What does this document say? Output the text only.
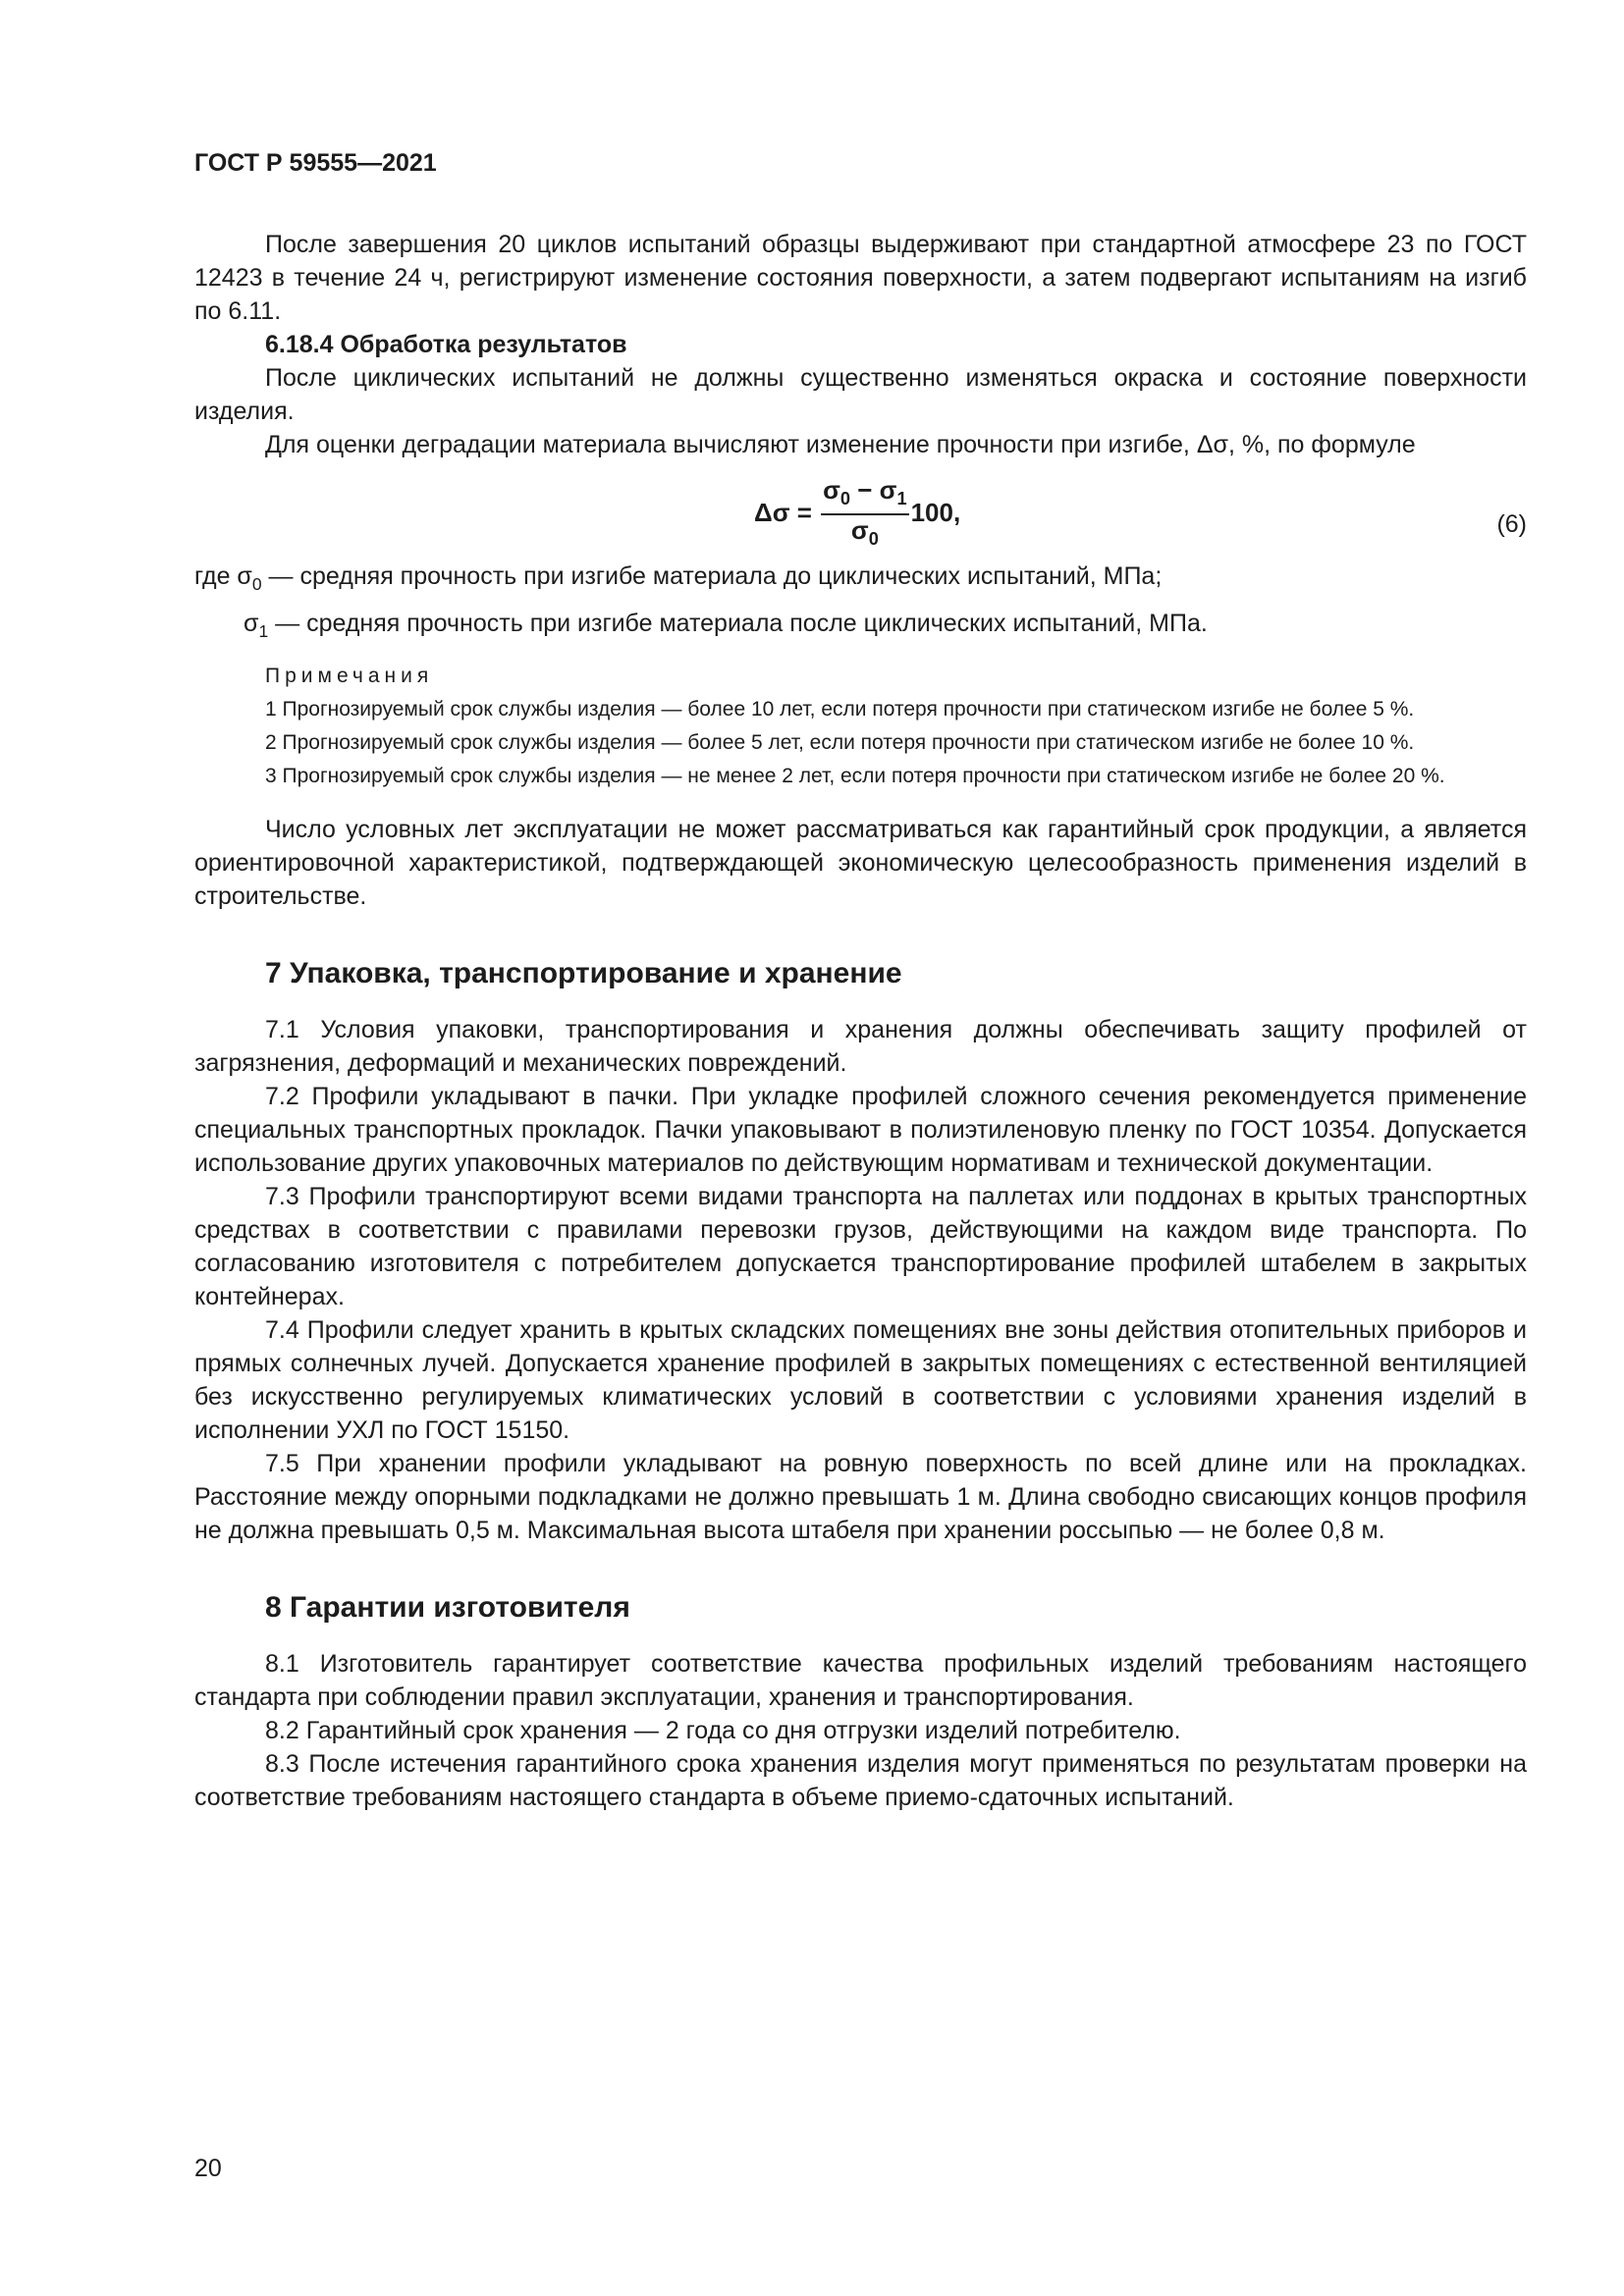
ГОСТ Р 59555—2021

После завершения 20 циклов испытаний образцы выдерживают при стандартной атмосфере 23 по ГОСТ 12423 в течение 24 ч, регистрируют изменение состояния поверхности, а затем подвергают испытаниям на изгиб по 6.11.

6.18.4 Обработка результатов

После циклических испытаний не должны существенно изменяться окраска и состояние поверхности изделия.

Для оценки деградации материала вычисляют изменение прочности при изгибе, Δσ, %, по формуле

$\Delta\sigma = \frac{\sigma_0 - \sigma_1}{\sigma_0} 100$,	(6)

где $\sigma_0$ — средняя прочность при изгибе материала до циклических испытаний, МПа;

$\sigma_1$ — средняя прочность при изгибе материала после циклических испытаний, МПа.

Примечания

1 Прогнозируемый срок службы изделия — более 10 лет, если потеря прочности при статическом изгибе не более 5 %.

2 Прогнозируемый срок службы изделия — более 5 лет, если потеря прочности при статическом изгибе не более 10 %.

3 Прогнозируемый срок службы изделия — не менее 2 лет, если потеря прочности при статическом изгибе не более 20 %.

Число условных лет эксплуатации не может рассматриваться как гарантийный срок продукции, а является ориентировочной характеристикой, подтверждающей экономическую целесообразность применения изделий в строительстве.

7 Упаковка, транспортирование и хранение

7.1 Условия упаковки, транспортирования и хранения должны обеспечивать защиту профилей от загрязнения, деформаций и механических повреждений.

7.2 Профили укладывают в пачки. При укладке профилей сложного сечения рекомендуется применение специальных транспортных прокладок. Пачки упаковывают в полиэтиленовую пленку по ГОСТ 10354. Допускается использование других упаковочных материалов по действующим нормативам и технической документации.

7.3 Профили транспортируют всеми видами транспорта на паллетах или поддонах в крытых транспортных средствах в соответствии с правилами перевозки грузов, действующими на каждом виде транспорта. По согласованию изготовителя с потребителем допускается транспортирование профилей штабелем в закрытых контейнерах.

7.4 Профили следует хранить в крытых складских помещениях вне зоны действия отопительных приборов и прямых солнечных лучей. Допускается хранение профилей в закрытых помещениях с естественной вентиляцией без искусственно регулируемых климатических условий в соответствии с условиями хранения изделий в исполнении УХЛ по ГОСТ 15150.

7.5 При хранении профили укладывают на ровную поверхность по всей длине или на прокладках. Расстояние между опорными подкладками не должно превышать 1 м. Длина свободно свисающих концов профиля не должна превышать 0,5 м. Максимальная высота штабеля при хранении россыпью — не более 0,8 м.

8 Гарантии изготовителя

8.1 Изготовитель гарантирует соответствие качества профильных изделий требованиям настоящего стандарта при соблюдении правил эксплуатации, хранения и транспортирования.

8.2 Гарантийный срок хранения — 2 года со дня отгрузки изделий потребителю.

8.3 После истечения гарантийного срока хранения изделия могут применяться по результатам проверки на соответствие требованиям настоящего стандарта в объеме приемо-сдаточных испытаний.

20
